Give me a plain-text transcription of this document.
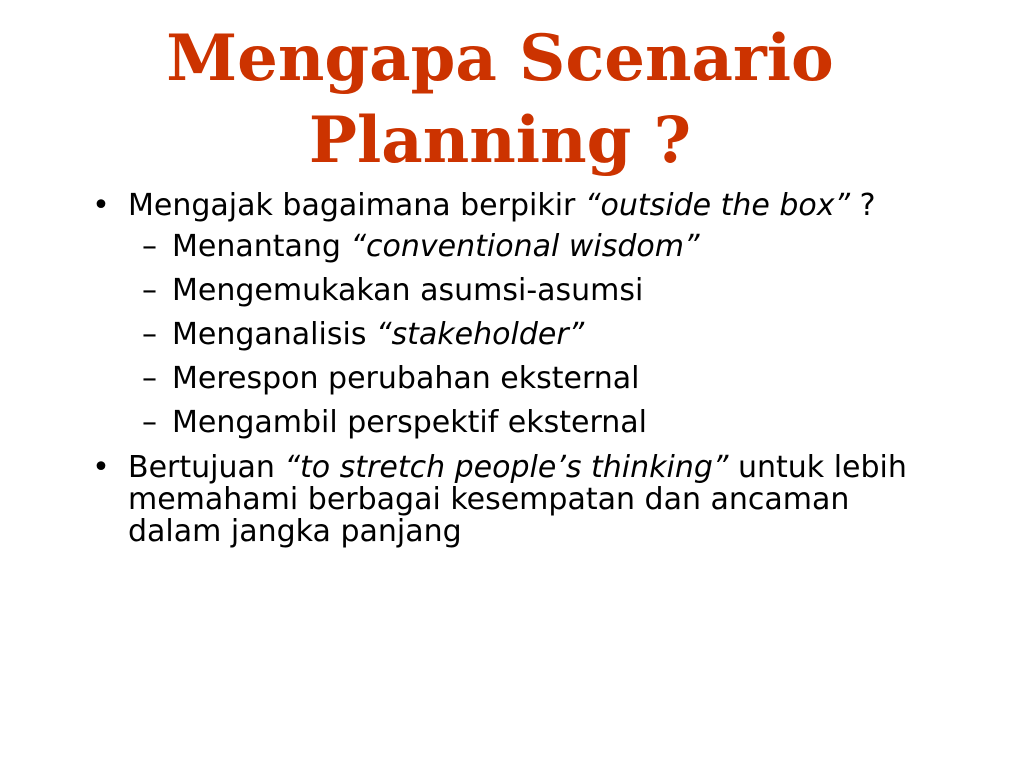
Mengapa Scenario
Planning ?
• Mengajak bagaimana berpikir “outside the box” ?
– Menantang “conventional wisdom”
– Mengemukakan asumsi-asumsi
– Menganalisis “stakeholder”
– Merespon perubahan eksternal
– Mengambil perspektif eksternal
• Bertujuan “to stretch people’s thinking” untuk lebih memahami berbagai kesempatan dan ancaman dalam jangka panjang
